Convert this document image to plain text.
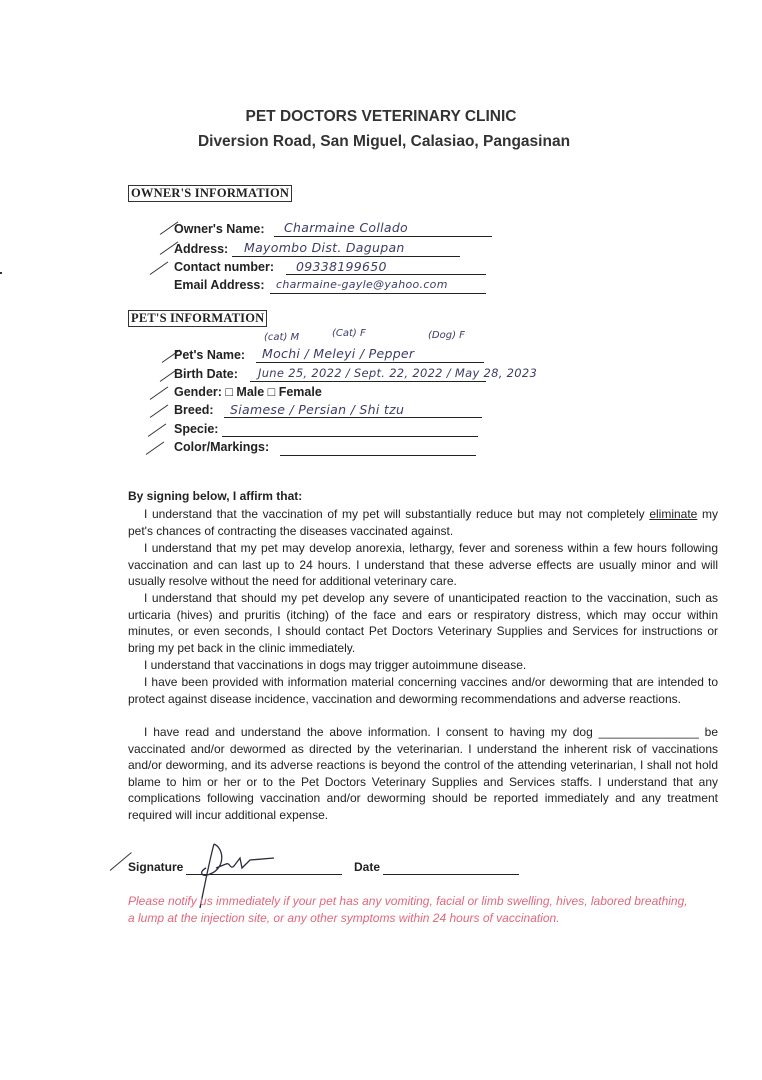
PET DOCTORS VETERINARY CLINIC
Diversion Road, San Miguel, Calasiao, Pangasinan
OWNER'S INFORMATION
Owner's Name: Charmaine Collado
Address: Mayombo Dist. Dagupan
Contact number: 09338199650
Email Address: charmaine-gayle@yahoo.com
PET'S INFORMATION
(cat) M	(Cat) F	(Dog) F
Pet's Name: Mochi / Meleyi / Pepper
Birth Date: June 25, 2022 / Sept. 22, 2022 / May 28, 2023
Gender: □ Male □ Female
Breed: Siamese / Persian / Shi tzu
Specie:
Color/Markings:
By signing below, I affirm that:

I understand that the vaccination of my pet will substantially reduce but may not completely eliminate my pet's chances of contracting the diseases vaccinated against.

I understand that my pet may develop anorexia, lethargy, fever and soreness within a few hours following vaccination and can last up to 24 hours. I understand that these adverse effects are usually minor and will usually resolve without the need for additional veterinary care.

I understand that should my pet develop any severe of unanticipated reaction to the vaccination, such as urticaria (hives) and pruritis (itching) of the face and ears or respiratory distress, which may occur within minutes, or even seconds, I should contact Pet Doctors Veterinary Supplies and Services for instructions or bring my pet back in the clinic immediately.

I understand that vaccinations in dogs may trigger autoimmune disease.

I have been provided with information material concerning vaccines and/or deworming that are intended to protect against disease incidence, vaccination and deworming recommendations and adverse reactions.

I have read and understand the above information. I consent to having my dog _______________ be vaccinated and/or dewormed as directed by the veterinarian. I understand the inherent risk of vaccinations and/or deworming, and its adverse reactions is beyond the control of the attending veterinarian, I shall not hold blame to him or her or to the Pet Doctors Veterinary Supplies and Services staffs. I understand that any complications following vaccination and/or deworming should be reported immediately and any treatment required will incur additional expense.

Signature	Date

Please notify us immediately if your pet has any vomiting, facial or limb swelling, hives, labored breathing, a lump at the injection site, or any other symptoms within 24 hours of vaccination.
